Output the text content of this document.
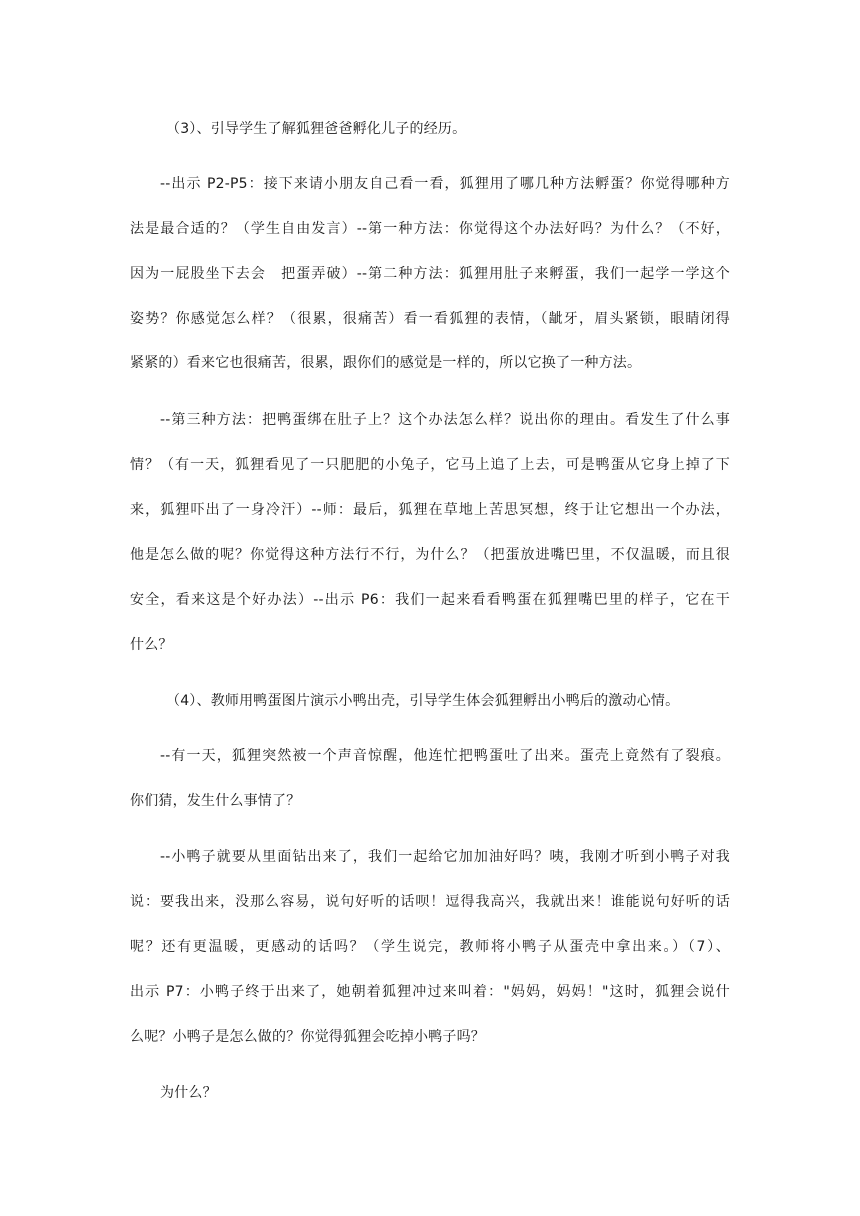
（3）、引导学生了解狐狸爸爸孵化儿子的经历。
--出示 P2-P5：接下来请小朋友自己看一看，狐狸用了哪几种方法孵蛋？你觉得哪种方
法是最合适的？（学生自由发言）--第一种方法：你觉得这个办法好吗？为什么？（不好，
因为一屁股坐下去会　把蛋弄破）--第二种方法：狐狸用肚子来孵蛋，我们一起学一学这个
姿势？你感觉怎么样？（很累，很痛苦）看一看狐狸的表情，（龇牙，眉头紧锁，眼睛闭得
紧紧的）看来它也很痛苦，很累，跟你们的感觉是一样的，所以它换了一种方法。
--第三种方法：把鸭蛋绑在肚子上？这个办法怎么样？说出你的理由。看发生了什么事
情？（有一天，狐狸看见了一只肥肥的小兔子，它马上追了上去，可是鸭蛋从它身上掉了下
来，狐狸吓出了一身冷汗）--师：最后，狐狸在草地上苦思冥想，终于让它想出一个办法，
他是怎么做的呢？你觉得这种方法行不行，为什么？（把蛋放进嘴巴里，不仅温暖，而且很
安全，看来这是个好办法）--出示 P6：我们一起来看看鸭蛋在狐狸嘴巴里的样子，它在干
什么？
（4）、教师用鸭蛋图片演示小鸭出壳，引导学生体会狐狸孵出小鸭后的激动心情。
--有一天，狐狸突然被一个声音惊醒，他连忙把鸭蛋吐了出来。蛋壳上竟然有了裂痕。
你们猜，发生什么事情了？
--小鸭子就要从里面钻出来了，我们一起给它加加油好吗？咦，我刚才听到小鸭子对我
说：要我出来，没那么容易，说句好听的话呗！逗得我高兴，我就出来！谁能说句好听的话
呢？还有更温暖，更感动的话吗？（学生说完，教师将小鸭子从蛋壳中拿出来。）（7）、
出示 P7：小鸭子终于出来了，她朝着狐狸冲过来叫着："妈妈，妈妈！"这时，狐狸会说什
么呢？小鸭子是怎么做的？你觉得狐狸会吃掉小鸭子吗？
为什么？
